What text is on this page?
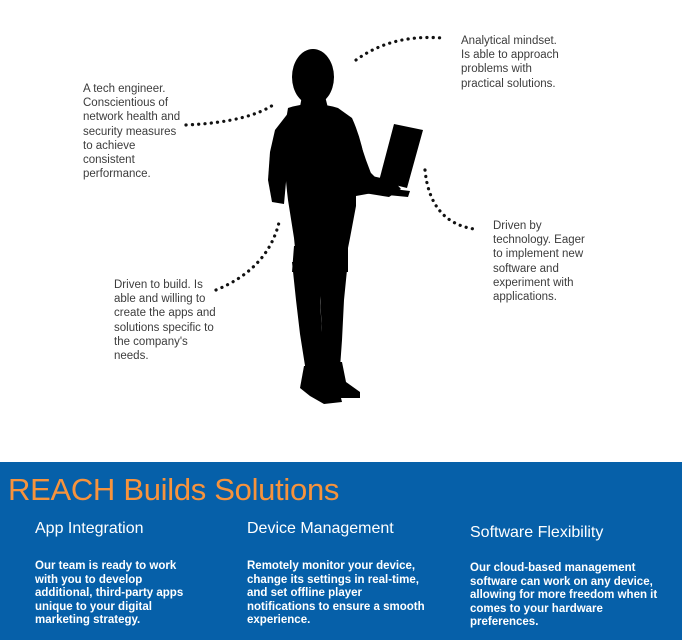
A tech engineer. Conscientious of network health and security measures to achieve consistent performance.

Analytical mindset. Is able to approach problems with practical solutions.

Driven by technology. Eager to implement new software and experiment with applications.

Driven to build. Is able and willing to create the apps and solutions specific to the company's needs.

REACH Builds Solutions
App Integration

Our team is ready to work with you to develop additional, third-party apps unique to your digital marketing strategy.

Device Management

Remotely monitor your device, change its settings in real-time, and set offline player notifications to ensure a smooth experience.

Software Flexibility

Our cloud-based management software can work on any device, allowing for more freedom when it comes to your hardware preferences.
